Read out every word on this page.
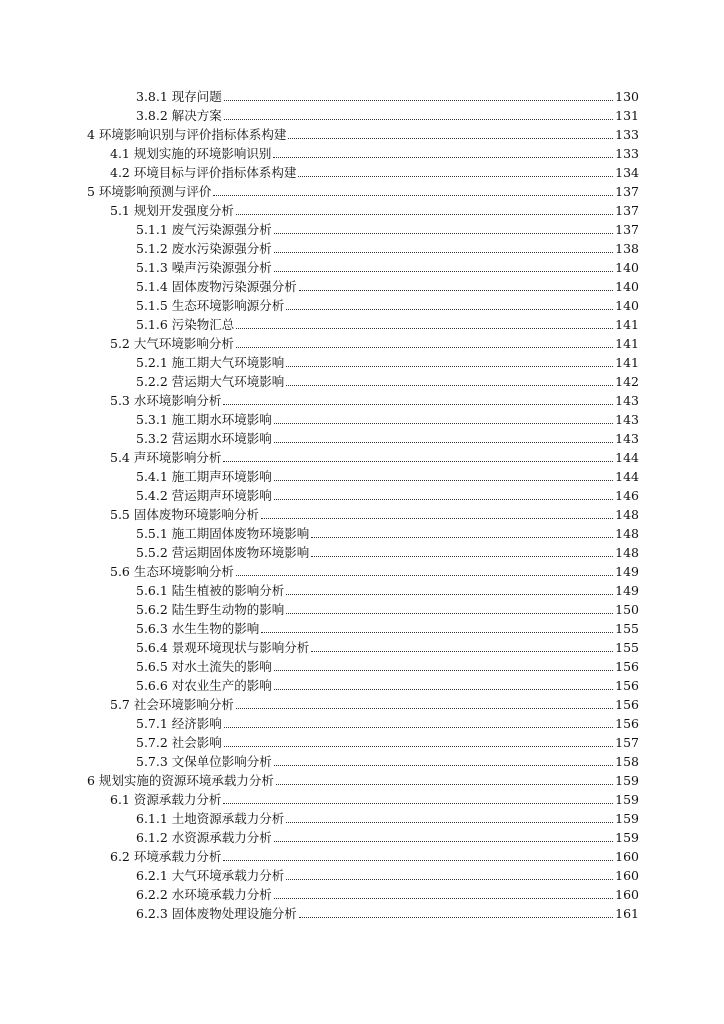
3.8.1 现存问题	130
3.8.2 解决方案	131
4 环境影响识别与评价指标体系构建	133
4.1 规划实施的环境影响识别	133
4.2 环境目标与评价指标体系构建	134
5 环境影响预测与评价	137
5.1 规划开发强度分析	137
5.1.1 废气污染源强分析	137
5.1.2 废水污染源强分析	138
5.1.3 噪声污染源强分析	140
5.1.4 固体废物污染源强分析	140
5.1.5 生态环境影响源分析	140
5.1.6 污染物汇总	141
5.2 大气环境影响分析	141
5.2.1 施工期大气环境影响	141
5.2.2 营运期大气环境影响	142
5.3 水环境影响分析	143
5.3.1 施工期水环境影响	143
5.3.2 营运期水环境影响	143
5.4 声环境影响分析	144
5.4.1 施工期声环境影响	144
5.4.2 营运期声环境影响	146
5.5 固体废物环境影响分析	148
5.5.1 施工期固体废物环境影响	148
5.5.2 营运期固体废物环境影响	148
5.6 生态环境影响分析	149
5.6.1 陆生植被的影响分析	149
5.6.2 陆生野生动物的影响	150
5.6.3 水生生物的影响	155
5.6.4 景观环境现状与影响分析	155
5.6.5 对水土流失的影响	156
5.6.6 对农业生产的影响	156
5.7 社会环境影响分析	156
5.7.1 经济影响	156
5.7.2 社会影响	157
5.7.3 文保单位影响分析	158
6 规划实施的资源环境承载力分析	159
6.1 资源承载力分析	159
6.1.1 土地资源承载力分析	159
6.1.2 水资源承载力分析	159
6.2 环境承载力分析	160
6.2.1 大气环境承载力分析	160
6.2.2 水环境承载力分析	160
6.2.3 固体废物处理设施分析	161
